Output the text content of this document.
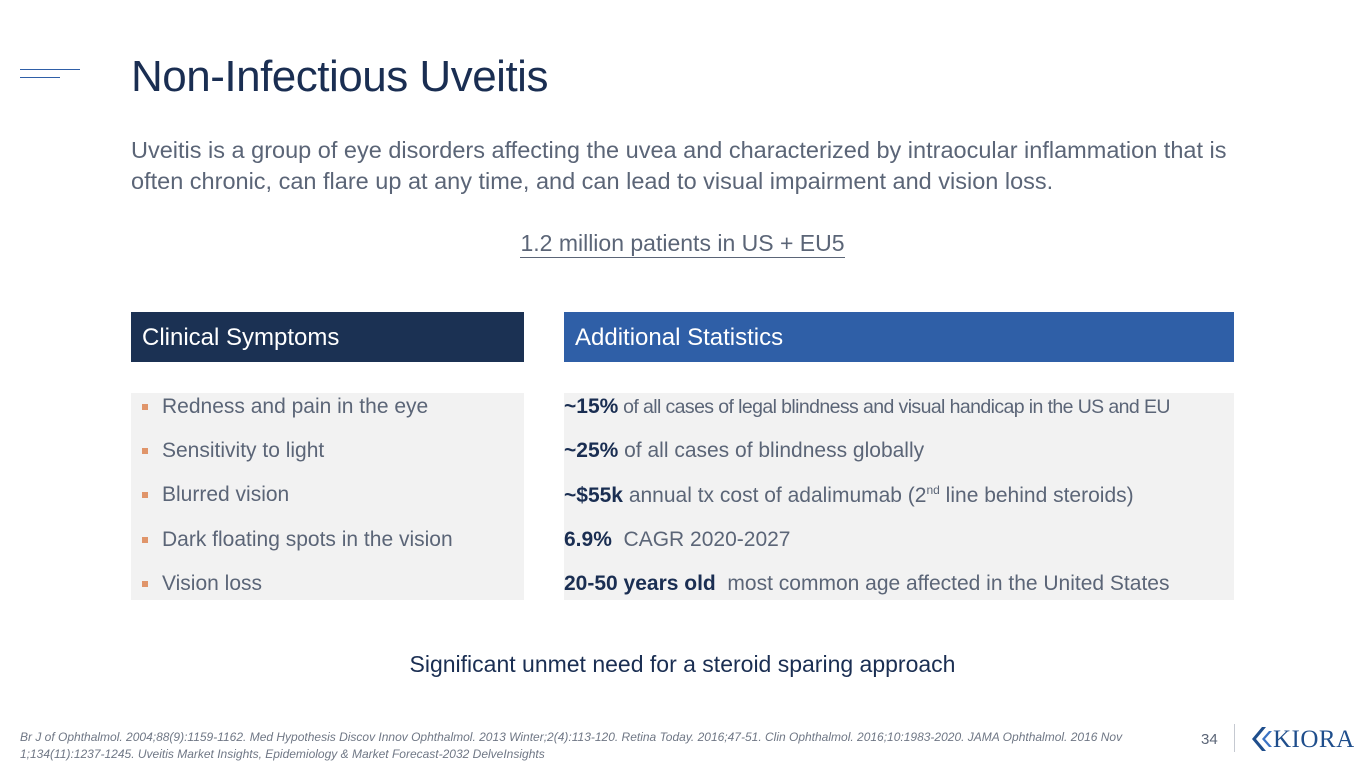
Non-Infectious Uveitis
Uveitis is a group of eye disorders affecting the uvea and characterized by intraocular inflammation that is often chronic, can flare up at any time, and can lead to visual impairment and vision loss.
1.2 million patients in US + EU5
Clinical Symptoms	Additional Statistics
Redness and pain in the eye
Sensitivity to light
Blurred vision
Dark floating spots in the vision
Vision loss
~15% of all cases of legal blindness and visual handicap in the US and EU
~25% of all cases of blindness globally
~$55k annual tx cost of adalimumab (2nd line behind steroids)
6.9%  CAGR 2020-2027
20-50 years old  most common age affected in the United States
Significant unmet need for a steroid sparing approach
Br J of Ophthalmol. 2004;88(9):1159-1162. Med Hypothesis Discov Innov Ophthalmol. 2013 Winter;2(4):113-120. Retina Today. 2016;47-51. Clin Ophthalmol. 2016;10:1983-2020. JAMA Ophthalmol. 2016 Nov 1;134(11):1237-1245. Uveitis Market Insights, Epidemiology & Market Forecast-2032 DelveInsights
34 KIORA
